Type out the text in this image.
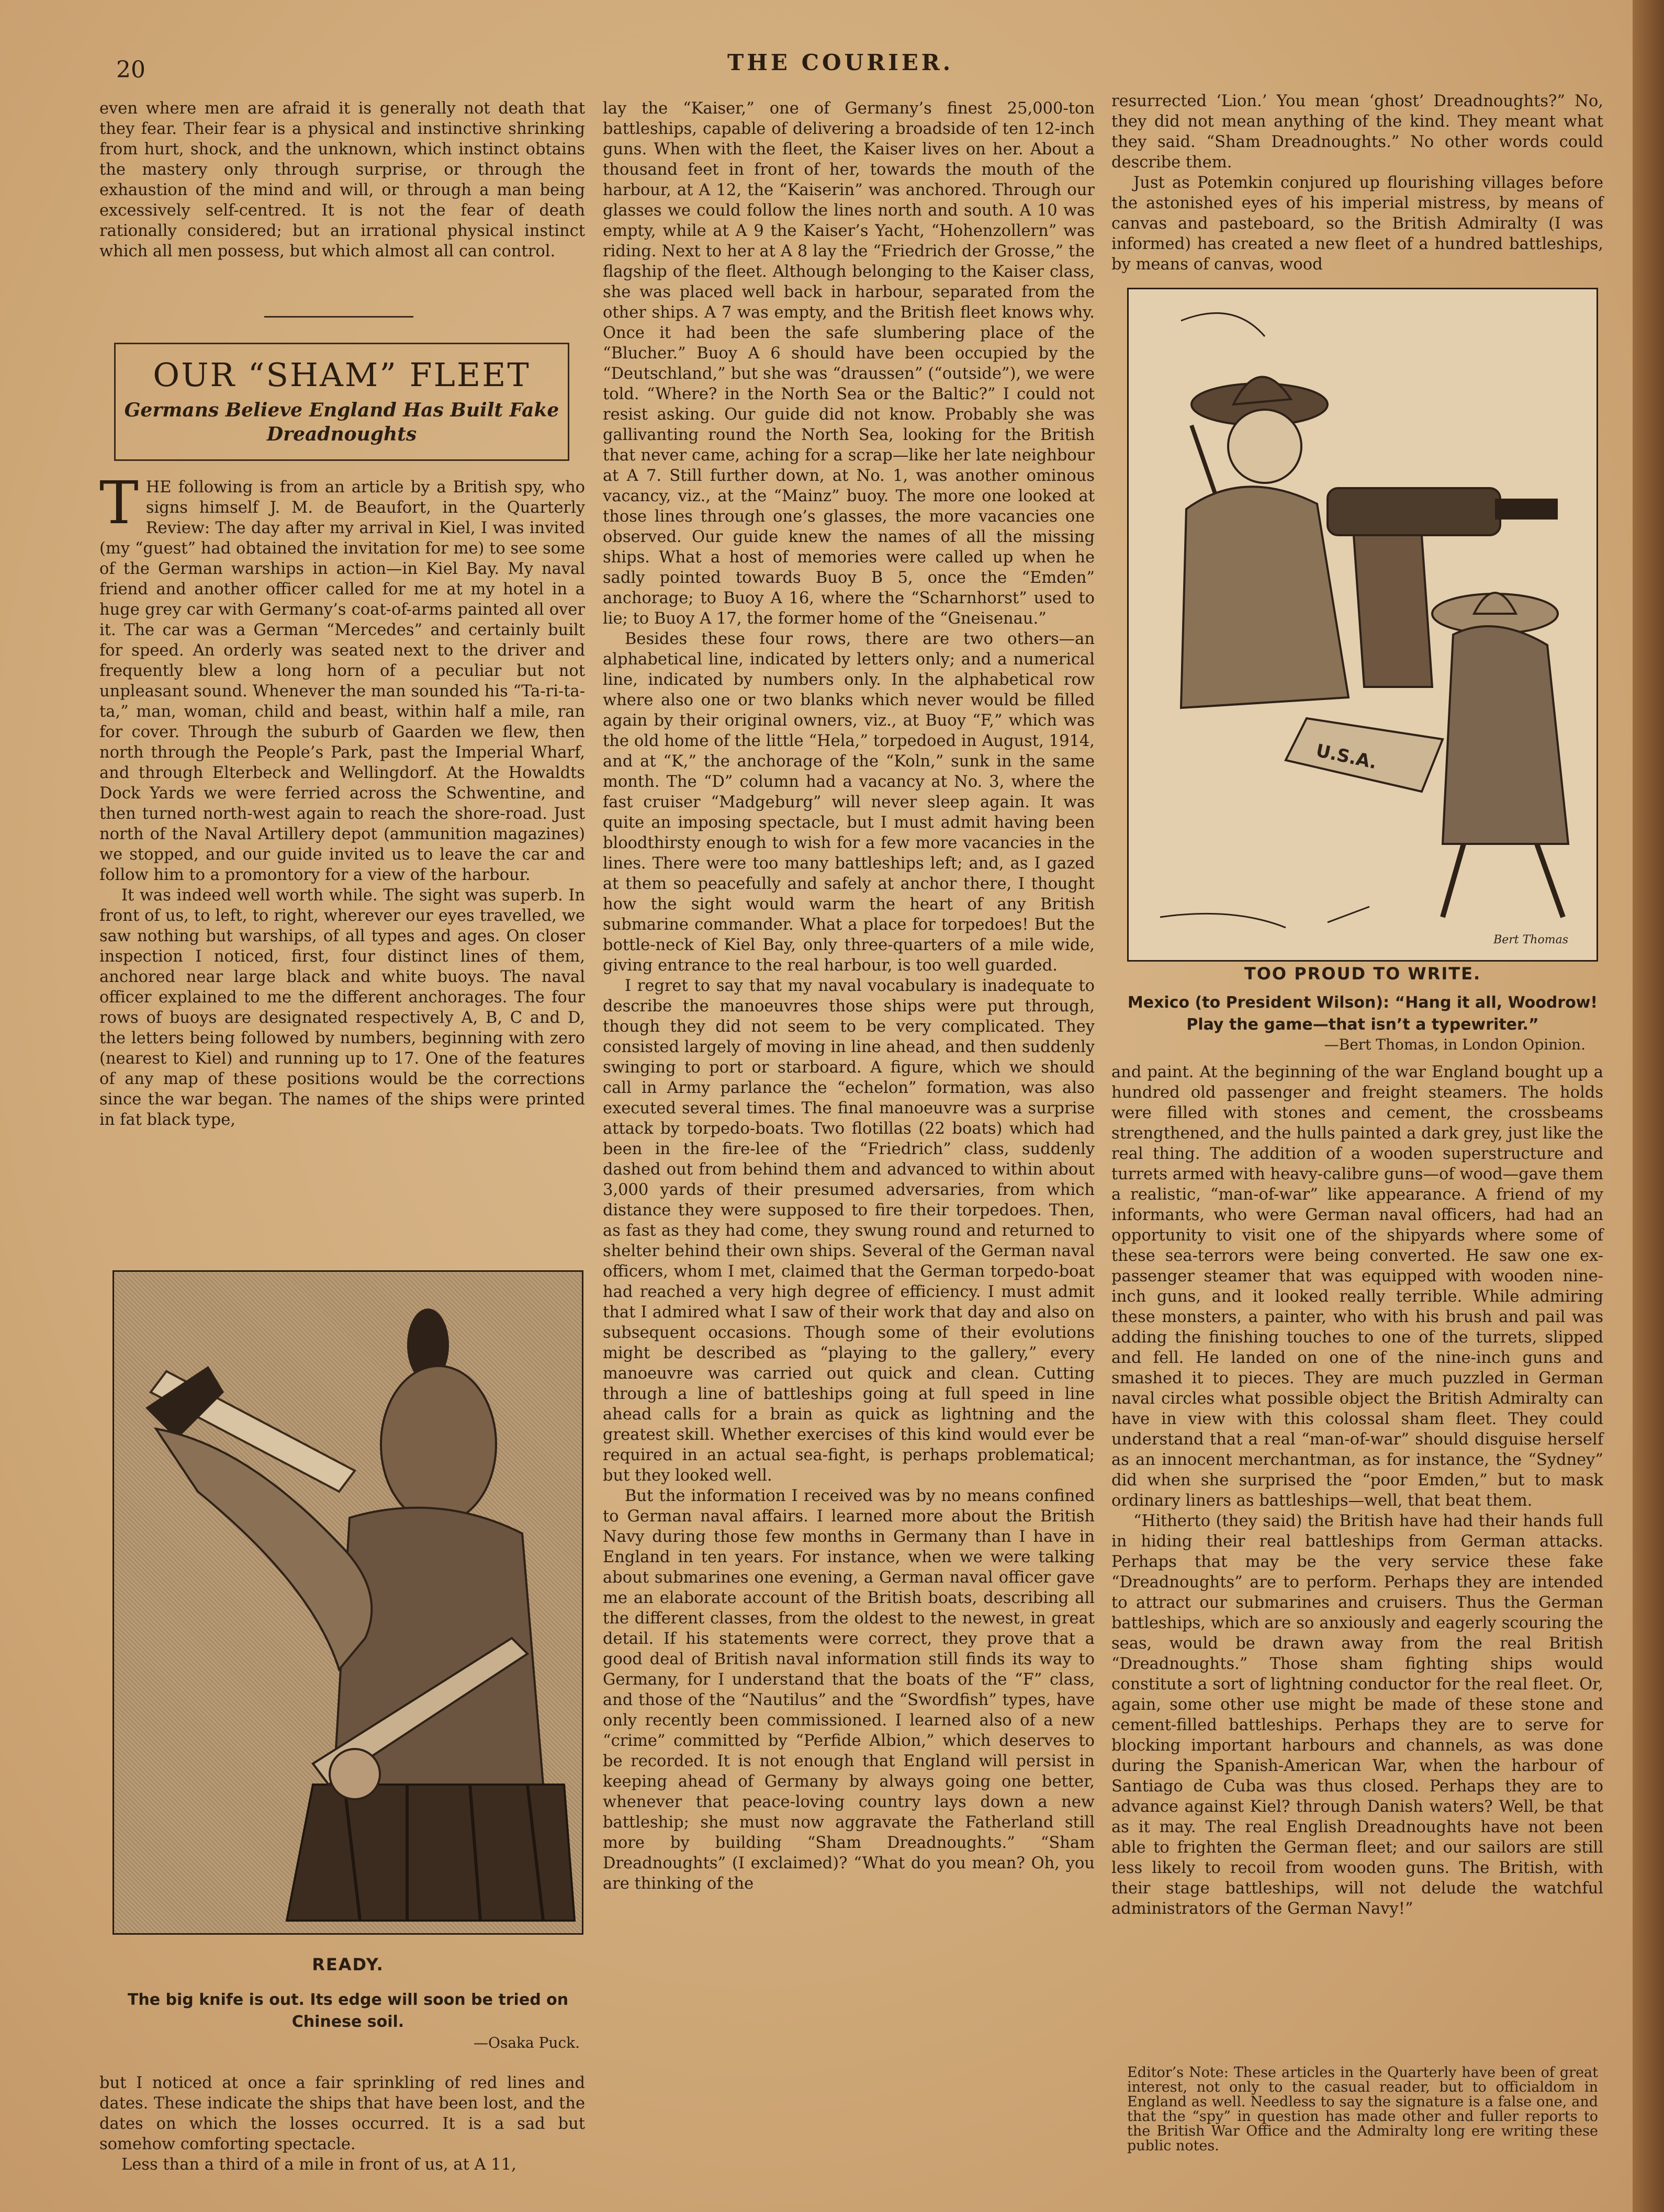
20	THE COURIER.

even where men are afraid it is generally not death that they fear. Their fear is a physical and instinctive shrinking from hurt, shock, and the unknown, which instinct obtains the mastery only through surprise, or through the exhaustion of the mind and will, or through a man being excessively self-centred. It is not the fear of death rationally considered; but an irrational physical instinct which all men possess, but which almost all can control.

OUR “SHAM” FLEET
Germans Believe England Has Built Fake Dreadnoughts

THE following is from an article by a British spy, who signs himself J. M. de Beaufort, in the Quarterly Review: The day after my arrival in Kiel, I was invited (my “guest” had obtained the invitation for me) to see some of the German warships in action—in Kiel Bay. My naval friend and another officer called for me at my hotel in a huge grey car with Germany’s coat-of-arms painted all over it. The car was a German “Mercedes” and certainly built for speed. An orderly was seated next to the driver and frequently blew a long horn of a peculiar but not unpleasant sound. Whenever the man sounded his “Ta-ri-ta-ta,” man, woman, child and beast, within half a mile, ran for cover. Through the suburb of Gaarden we flew, then north through the People’s Park, past the Imperial Wharf, and through Elterbeck and Wellingdorf. At the Howaldts Dock Yards we were ferried across the Schwentine, and then turned north-west again to reach the shore-road. Just north of the Naval Artillery depot (ammunition magazines) we stopped, and our guide invited us to leave the car and follow him to a promontory for a view of the harbour.

It was indeed well worth while. The sight was superb. In front of us, to left, to right, wherever our eyes travelled, we saw nothing but warships, of all types and ages. On closer inspection I noticed, first, four distinct lines of them, anchored near large black and white buoys. The naval officer explained to me the different anchorages. The four rows of buoys are designated respectively A, B, C and D, the letters being followed by numbers, beginning with zero (nearest to Kiel) and running up to 17. One of the features of any map of these positions would be the corrections since the war began. The names of the ships were printed in fat black type,

READY.
The big knife is out. Its edge will soon be tried on Chinese soil.
—Osaka Puck.

but I noticed at once a fair sprinkling of red lines and dates. These indicate the ships that have been lost, and the dates on which the losses occurred. It is a sad but somehow comforting spectacle.

Less than a third of a mile in front of us, at A 11,

lay the “Kaiser,” one of Germany’s finest 25,000-ton battleships, capable of delivering a broadside of ten 12-inch guns. When with the fleet, the Kaiser lives on her. About a thousand feet in front of her, towards the mouth of the harbour, at A 12, the “Kaiserin” was anchored. Through our glasses we could follow the lines north and south. A 10 was empty, while at A 9 the Kaiser’s Yacht, “Hohenzollern” was riding. Next to her at A 8 lay the “Friedrich der Grosse,” the flagship of the fleet. Although belonging to the Kaiser class, she was placed well back in harbour, separated from the other ships. A 7 was empty, and the British fleet knows why. Once it had been the safe slumbering place of the “Blucher.” Buoy A 6 should have been occupied by the “Deutschland,” but she was “draussen” (“outside”), we were told. “Where? in the North Sea or the Baltic?” I could not resist asking. Our guide did not know. Probably she was gallivanting round the North Sea, looking for the British that never came, aching for a scrap—like her late neighbour at A 7. Still further down, at No. 1, was another ominous vacancy, viz., at the “Mainz” buoy. The more one looked at those lines through one’s glasses, the more vacancies one observed. Our guide knew the names of all the missing ships. What a host of memories were called up when he sadly pointed towards Buoy B 5, once the “Emden” anchorage; to Buoy A 16, where the “Scharnhorst” used to lie; to Buoy A 17, the former home of the “Gneisenau.”

Besides these four rows, there are two others—an alphabetical line, indicated by letters only; and a numerical line, indicated by numbers only. In the alphabetical row where also one or two blanks which never would be filled again by their original owners, viz., at Buoy “F,” which was the old home of the little “Hela,” torpedoed in August, 1914, and at “K,” the anchorage of the “Koln,” sunk in the same month. The “D” column had a vacancy at No. 3, where the fast cruiser “Madgeburg” will never sleep again. It was quite an imposing spectacle, but I must admit having been bloodthirsty enough to wish for a few more vacancies in the lines. There were too many battleships left; and, as I gazed at them so peacefully and safely at anchor there, I thought how the sight would warm the heart of any British submarine commander. What a place for torpedoes! But the bottle-neck of Kiel Bay, only three-quarters of a mile wide, giving entrance to the real harbour, is too well guarded.

I regret to say that my naval vocabulary is inadequate to describe the manoeuvres those ships were put through, though they did not seem to be very complicated. They consisted largely of moving in line ahead, and then suddenly swinging to port or starboard. A figure, which we should call in Army parlance the “echelon” formation, was also executed several times. The final manoeuvre was a surprise attack by torpedo-boats. Two flotillas (22 boats) which had been in the fire-lee of the “Friedrich” class, suddenly dashed out from behind them and advanced to within about 3,000 yards of their presumed adversaries, from which distance they were supposed to fire their torpedoes. Then, as fast as they had come, they swung round and returned to shelter behind their own ships. Several of the German naval officers, whom I met, claimed that the German torpedo-boat had reached a very high degree of efficiency. I must admit that I admired what I saw of their work that day and also on subsequent occasions. Though some of their evolutions might be described as “playing to the gallery,” every manoeuvre was carried out quick and clean. Cutting through a line of battleships going at full speed in line ahead calls for a brain as quick as lightning and the greatest skill. Whether exercises of this kind would ever be required in an actual sea-fight, is perhaps problematical; but they looked well.

But the information I received was by no means confined to German naval affairs. I learned more about the British Navy during those few months in Germany than I have in England in ten years. For instance, when we were talking about submarines one evening, a German naval officer gave me an elaborate account of the British boats, describing all the different classes, from the oldest to the newest, in great detail. If his statements were correct, they prove that a good deal of British naval information still finds its way to Germany, for I understand that the boats of the “F” class, and those of the “Nautilus” and the “Swordfish” types, have only recently been commissioned. I learned also of a new “crime” committed by “Perfide Albion,” which deserves to be recorded. It is not enough that England will persist in keeping ahead of Germany by always going one better, whenever that peace-loving country lays down a new battleship; she must now aggravate the Fatherland still more by building “Sham Dreadnoughts.” “Sham Dreadnoughts” (I exclaimed)? “What do you mean? Oh, you are thinking of the

resurrected ‘Lion.’ You mean ‘ghost’ Dreadnoughts?” No, they did not mean anything of the kind. They meant what they said. “Sham Dreadnoughts.” No other words could describe them.

Just as Potemkin conjured up flourishing villages before the astonished eyes of his imperial mistress, by means of canvas and pasteboard, so the British Admiralty (I was informed) has created a new fleet of a hundred battleships, by means of canvas, wood

U.S.A.
Bert Thomas
TOO PROUD TO WRITE.
Mexico (to President Wilson): “Hang it all, Woodrow! Play the game—that isn’t a typewriter.”
—Bert Thomas, in London Opinion.

and paint. At the beginning of the war England bought up a hundred old passenger and freight steamers. The holds were filled with stones and cement, the crossbeams strengthened, and the hulls painted a dark grey, just like the real thing. The addition of a wooden superstructure and turrets armed with heavy-calibre guns—of wood—gave them a realistic, “man-of-war” like appearance. A friend of my informants, who were German naval officers, had had an opportunity to visit one of the shipyards where some of these sea-terrors were being converted. He saw one ex-passenger steamer that was equipped with wooden nine-inch guns, and it looked really terrible. While admiring these monsters, a painter, who with his brush and pail was adding the finishing touches to one of the turrets, slipped and fell. He landed on one of the nine-inch guns and smashed it to pieces. They are much puzzled in German naval circles what possible object the British Admiralty can have in view with this colossal sham fleet. They could understand that a real “man-of-war” should disguise herself as an innocent merchantman, as for instance, the “Sydney” did when she surprised the “poor Emden,” but to mask ordinary liners as battleships—well, that beat them.

“Hitherto (they said) the British have had their hands full in hiding their real battleships from German attacks. Perhaps that may be the very service these fake “Dreadnoughts” are to perform. Perhaps they are intended to attract our submarines and cruisers. Thus the German battleships, which are so anxiously and eagerly scouring the seas, would be drawn away from the real British “Dreadnoughts.” Those sham fighting ships would constitute a sort of lightning conductor for the real fleet. Or, again, some other use might be made of these stone and cement-filled battleships. Perhaps they are to serve for blocking important harbours and channels, as was done during the Spanish-American War, when the harbour of Santiago de Cuba was thus closed. Perhaps they are to advance against Kiel? through Danish waters? Well, be that as it may. The real English Dreadnoughts have not been able to frighten the German fleet; and our sailors are still less likely to recoil from wooden guns. The British, with their stage battleships, will not delude the watchful administrators of the German Navy!”

Editor’s Note: These articles in the Quarterly have been of great interest, not only to the casual reader, but to officialdom in England as well. Needless to say the signature is a false one, and that the “spy” in question has made other and fuller reports to the British War Office and the Admiralty long ere writing these public notes.
